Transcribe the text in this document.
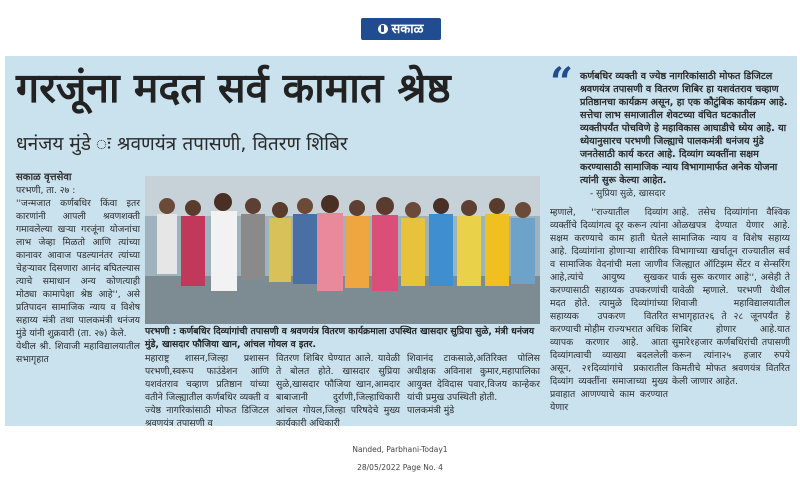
सकाळ
गरजूंना मदत सर्व कामात श्रेष्ठ
धनंजय मुंडे ः श्रवणयंत्र तपासणी, वितरण शिबिर
सकाळ वृत्तसेवा
परभणी, ता. २७ :
''जन्मजात कर्णबधिर किंवा इतर कारणांनी आपली श्रवणशक्ती गमावलेल्या खऱ्या गरजूंना योजनांचा लाभ जेव्हा मिळतो आणि त्यांच्या कानावर आवाज पडल्यानंतर त्यांच्या चेहऱ्यावर दिसणारा आनंद बघितल्यास त्याचे समाधान अन्य कोणत्याही मोठ्या कामापेक्षा श्रेष्ठ आहे'', असे प्रतिपादन सामाजिक न्याय व विशेष सहाय्य मंत्री तथा पालकमंत्री धनंजय मुंडे यांनी शुक्रवारी (ता. २७) केले.
येथील श्री. शिवाजी महाविद्यालयातील सभागृहात
परभणी : कर्णबधिर दिव्यांगांची तपासणी व श्रवणयंत्र वितरण कार्यक्रमाला उपस्थित खासदार सुप्रिया सुळे, मंत्री धनंजय मुंडे, खासदार फौजिया खान, आंचल गोयल व इतर.
महाराष्ट्र शासन,जिल्हा प्रशासन परभणी,स्वरूप फाउंडेशन आणि यशवंतराव चव्हाण प्रतिष्ठान यांच्या वतीने जिल्ह्यातील कर्णबधिर व्यक्ती व ज्येष्ठ नागरिकांसाठी मोफत डिजिटल श्रवणयंत्र तपासणी व
वितरण शिबिर घेण्यात आले. यावेळी ते बोलत होते. खासदार सुप्रिया सुळे,खासदार फौजिया खान,आमदार बाबाजानी दुर्राणी,जिल्हाधिकारी आंचल गोयल,जिल्हा परिषदेचे मुख्य कार्यकारी अधिकारी
शिवानंद टाकसाळे,अतिरिक्त पोलिस अधीक्षक अविनाश कुमार,महापालिका आयुक्त देविदास पवार,विजय कान्हेकर यांची प्रमुख उपस्थिती होती.
पालकमंत्री मुंडे
“ कर्णबधिर व्यक्ती व ज्येष्ठ नागरिकांसाठी मोफत डिजिटल श्रवणयंत्र तपासणी व वितरण शिबिर हा यशवंतराव चव्हाण प्रतिष्ठानचा कार्यक्रम असून, हा एक कौटुंबिक कार्यक्रम आहे. सत्तेचा लाभ समाजातील शेवटच्या वंचित घटकातील व्यक्तीपर्यंत पोचविणे हे महाविकास आघाडीचे ध्येय आहे. या ध्येयानुसारच परभणी जिल्ह्याचे पालकमंत्री धनंजय मुंडे जनतेसाठी कार्य करत आहे. दिव्यांग व्यक्तींना सक्षम करण्यासाठी सामाजिक न्याय विभागामार्फत अनेक योजना त्यांनी सुरू केल्या आहेत.
- सुप्रिया सुळे, खासदार
म्हणाले, ''राज्यातील दिव्यांग व्यक्तींचे दिव्यांगत्व दूर करून त्यांना सक्षम करण्याचे काम हाती घेतले आहे. दिव्यांगांना होणाऱ्या शारीरिक व सामाजिक वेदनांची मला जाणीव आहे,त्यांचे आयुष्य सुखकर करण्यासाठी सहाय्यक उपकरणांची मदत होते. त्यामुळे दिव्यांगांच्या सहाय्यक उपकरण वितरित करण्याची मोहीम राज्यभरात अधिक व्यापक करणार आहे. आता दिव्यांगत्वाची व्याख्या बदललेली असून, २१दिव्यांगांचे प्रकारातील दिव्यांग व्यक्तींना समाजाच्या मुख्य प्रवाहात आणण्याचे काम करण्यात येणार
आहे. तसेच दिव्यांगांना वैश्विक ओळखपत्र देण्यात येणार आहे. सामाजिक न्याय व विशेष सहाय्य विभागाच्या खर्चातून राज्यातील सर्व जिल्ह्यात ऑटिझम सेंटर व सेन्सरिंग पार्क सुरू करणार आहे'', असेही ते यावेळी म्हणाले. परभणी येथील शिवाजी महाविद्यालयातील सभागृहात२६ ते २८ जूनपर्यंत हे शिबिर होणार आहे.यात सुमारे१हजार कर्णबधिरांची तपासणी करून त्यांना२५ हजार रुपये किमतीचे मोफत श्रवणयंत्र वितरित केली जाणार आहेत.

Nanded, Parbhani-Today1

28/05/2022 Page No. 4
